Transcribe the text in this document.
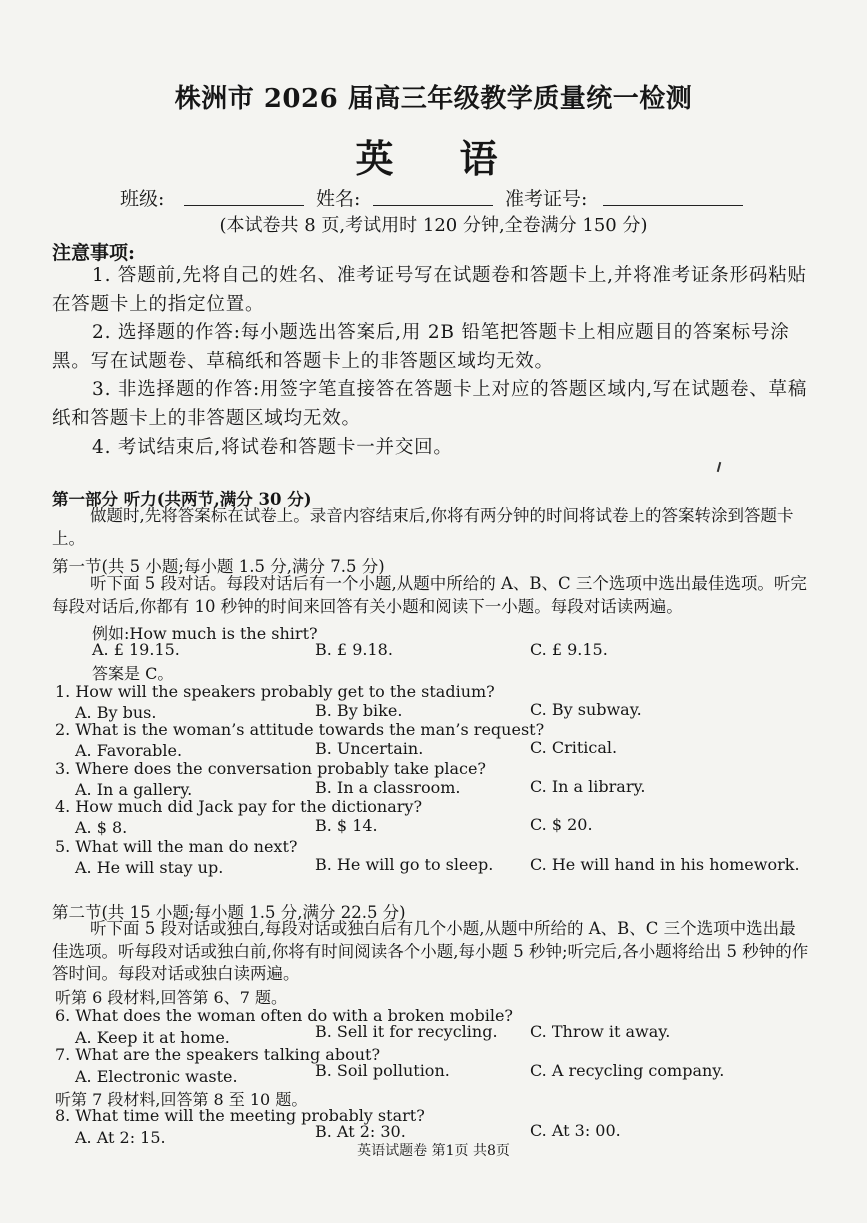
株洲市 2026 届高三年级教学质量统一检测
英　语
班级:	姓名:	准考证号:
(本试卷共 8 页,考试用时 120 分钟,全卷满分 150 分)
注意事项:

1. 答题前,先将自己的姓名、准考证号写在试题卷和答题卡上,并将准考证条形码粘贴在答题卡上的指定位置。

2. 选择题的作答:每小题选出答案后,用 2B 铅笔把答题卡上相应题目的答案标号涂黑。写在试题卷、草稿纸和答题卡上的非答题区域均无效。

3. 非选择题的作答:用签字笔直接答在答题卡上对应的答题区域内,写在试题卷、草稿纸和答题卡上的非答题区域均无效。

4. 考试结束后,将试卷和答题卡一并交回。

第一部分 听力(共两节,满分 30 分)
做题时,先将答案标在试卷上。录音内容结束后,你将有两分钟的时间将试卷上的答案转涂到答题卡上。
第一节(共 5 小题;每小题 1.5 分,满分 7.5 分)
听下面 5 段对话。每段对话后有一个小题,从题中所给的 A、B、C 三个选项中选出最佳选项。听完每段对话后,你都有 10 秒钟的时间来回答有关小题和阅读下一小题。每段对话读两遍。
例如:How much is the shirt?
A. £ 19.15.	B. £ 9.18.	C. £ 9.15.
答案是 C。
1. How will the speakers probably get to the stadium?
A. By bus.	B. By bike.	C. By subway.
2. What is the woman’s attitude towards the man’s request?
A. Favorable.	B. Uncertain.	C. Critical.
3. Where does the conversation probably take place?
A. In a gallery.	B. In a classroom.	C. In a library.
4. How much did Jack pay for the dictionary?
A. $ 8.	B. $ 14.	C. $ 20.
5. What will the man do next?
A. He will stay up.	B. He will go to sleep. C. He will hand in his homework.
第二节(共 15 小题;每小题 1.5 分,满分 22.5 分)
听下面 5 段对话或独白,每段对话或独白后有几个小题,从题中所给的 A、B、C 三个选项中选出最佳选项。听每段对话或独白前,你将有时间阅读各个小题,每小题 5 秒钟;听完后,各小题将给出 5 秒钟的作答时间。每段对话或独白读两遍。
听第 6 段材料,回答第 6、7 题。
6. What does the woman often do with a broken mobile?
A. Keep it at home.	B. Sell it for recycling. C. Throw it away.
7. What are the speakers talking about?
A. Electronic waste.	B. Soil pollution.	C. A recycling company.
听第 7 段材料,回答第 8 至 10 题。
8. What time will the meeting probably start?
A. At 2: 15.	B. At 2: 30.	C. At 3: 00.
英语试题卷 第1页 共8页
